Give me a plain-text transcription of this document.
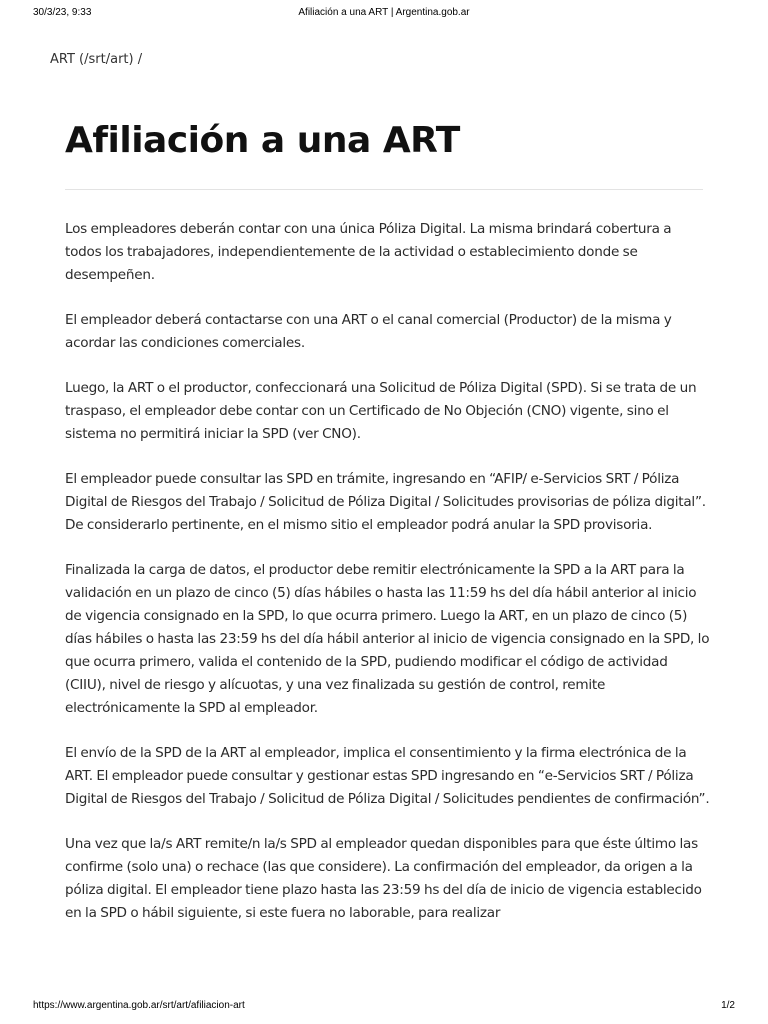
30/3/23, 9:33	Afiliación a una ART | Argentina.gob.ar
ART (/srt/art) /
Afiliación a una ART

Los empleadores deberán contar con una única Póliza Digital. La misma brindará cobertura a todos los trabajadores, independientemente de la actividad o establecimiento donde se desempeñen.

El empleador deberá contactarse con una ART o el canal comercial (Productor) de la misma y acordar las condiciones comerciales.

Luego, la ART o el productor, confeccionará una Solicitud de Póliza Digital (SPD). Si se trata de un traspaso, el empleador debe contar con un Certificado de No Objeción (CNO) vigente, sino el sistema no permitirá iniciar la SPD (ver CNO).

El empleador puede consultar las SPD en trámite, ingresando en “AFIP/ e-Servicios SRT / Póliza Digital de Riesgos del Trabajo / Solicitud de Póliza Digital / Solicitudes provisorias de póliza digital”. De considerarlo pertinente, en el mismo sitio el empleador podrá anular la SPD provisoria.

Finalizada la carga de datos, el productor debe remitir electrónicamente la SPD a la ART para la validación en un plazo de cinco (5) días hábiles o hasta las 11:59 hs del día hábil anterior al inicio de vigencia consignado en la SPD, lo que ocurra primero. Luego la ART, en un plazo de cinco (5) días hábiles o hasta las 23:59 hs del día hábil anterior al inicio de vigencia consignado en la SPD, lo que ocurra primero, valida el contenido de la SPD, pudiendo modificar el código de actividad (CIIU), nivel de riesgo y alícuotas, y una vez finalizada su gestión de control, remite electrónicamente la SPD al empleador.

El envío de la SPD de la ART al empleador, implica el consentimiento y la firma electrónica de la ART. El empleador puede consultar y gestionar estas SPD ingresando en “e-Servicios SRT / Póliza Digital de Riesgos del Trabajo / Solicitud de Póliza Digital / Solicitudes pendientes de confirmación”.

Una vez que la/s ART remite/n la/s SPD al empleador quedan disponibles para que éste último las confirme (solo una) o rechace (las que considere). La confirmación del empleador, da origen a la póliza digital. El empleador tiene plazo hasta las 23:59 hs del día de inicio de vigencia establecido en la SPD o hábil siguiente, si este fuera no laborable, para realizar

https://www.argentina.gob.ar/srt/art/afiliacion-art	1/2
